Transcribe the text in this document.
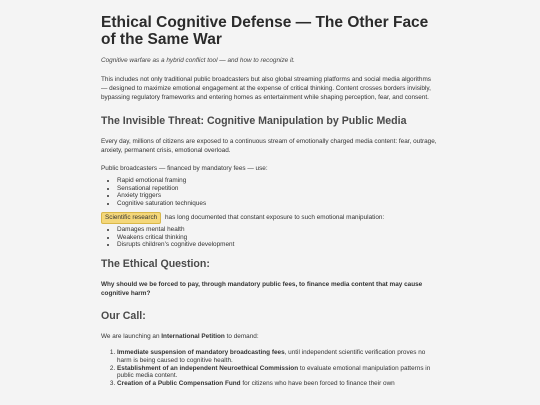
Ethical Cognitive Defense — The Other Face of the Same War

Cognitive warfare as a hybrid conflict tool — and how to recognize it.

This includes not only traditional public broadcasters but also global streaming platforms and social media algorithms — designed to maximize emotional engagement at the expense of critical thinking. Content crosses borders invisibly, bypassing regulatory frameworks and entering homes as entertainment while shaping perception, fear, and consent.

The Invisible Threat: Cognitive Manipulation by Public Media

Every day, millions of citizens are exposed to a continuous stream of emotionally charged media content: fear, outrage, anxiety, permanent crisis, emotional overload.

Public broadcasters — financed by mandatory fees — use:

• Rapid emotional framing
• Sensational repetition
• Anxiety triggers
• Cognitive saturation techniques

Scientific research has long documented that constant exposure to such emotional manipulation:

• Damages mental health
• Weakens critical thinking
• Disrupts children's cognitive development
The Ethical Question:

Why should we be forced to pay, through mandatory public fees, to finance media content that may cause cognitive harm?

Our Call:

We are launching an International Petition to demand:

1. Immediate suspension of mandatory broadcasting fees, until independent scientific verification proves no harm is being caused to cognitive health.
2. Establishment of an independent Neuroethical Commission to evaluate emotional manipulation patterns in public media content.
3. Creation of a Public Compensation Fund for citizens who have been forced to finance their own
